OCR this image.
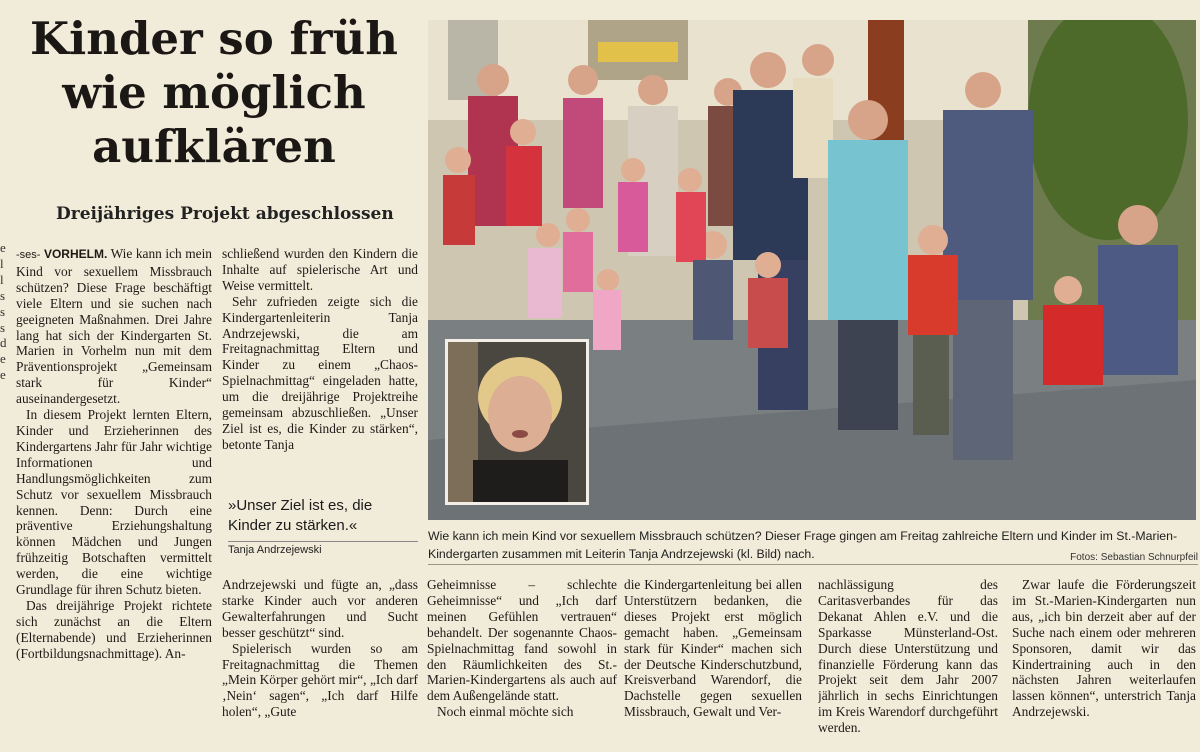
Kinder so früh wie möglich aufklären
Dreijähriges Projekt abgeschlossen
e
l
l
s
s
s
d
e
e

-ses- VORHELM. Wie kann ich mein Kind vor sexuellem Missbrauch schützen? Diese Frage beschäftigt viele Eltern und sie suchen nach geeigneten Maßnahmen. Drei Jahre lang hat sich der Kindergarten St. Marien in Vorhelm nun mit dem Präventionsprojekt „Gemeinsam stark für Kinder“ auseinandergesetzt.

In diesem Projekt lernten Eltern, Kinder und Erzieherinnen des Kindergartens Jahr für Jahr wichtige Informationen und Handlungsmöglichkeiten zum Schutz vor sexuellem Missbrauch kennen. Denn: Durch eine präventive Erziehungshaltung können Mädchen und Jungen frühzeitig Botschaften vermittelt werden, die eine wichtige Grundlage für ihren Schutz bieten.

Das dreijährige Projekt richtete sich zunächst an die Eltern (Elternabende) und Erzieherinnen (Fortbildungsnachmittage). An-

schließend wurden den Kindern die Inhalte auf spielerische Art und Weise vermittelt.

Sehr zufrieden zeigte sich die Kindergartenleiterin Tanja Andrzejewski, die am Freitagnachmittag Eltern und Kinder zu einem „Chaos-Spielnachmittag“ eingeladen hatte, um die dreijährige Projektreihe gemeinsam abzuschließen. „Unser Ziel ist es, die Kinder zu stärken“, betonte Tanja

»Unser Ziel ist es, die Kinder zu stärken.«
Tanja Andrzejewski

Andrzejewski und fügte an, „dass starke Kinder auch vor anderen Gewalterfahrungen und Sucht besser geschützt“ sind.

Spielerisch wurden so am Freitagnachmittag die Themen „Mein Körper gehört mir“, „Ich darf ‚Nein‘ sagen“, „Ich darf Hilfe holen“, „Gute

Wie kann ich mein Kind vor sexuellem Missbrauch schützen? Dieser Frage gingen am Freitag zahlreiche Eltern und Kinder im St.-Marien-Kindergarten zusammen mit Leiterin Tanja Andrzejewski (kl. Bild) nach.	Fotos: Sebastian Schnurpfeil

Geheimnisse – schlechte Geheimnisse“ und „Ich darf meinen Gefühlen vertrauen“ behandelt. Der sogenannte Chaos-Spielnachmittag fand sowohl in den Räumlichkeiten des St.-Marien-Kindergartens als auch auf dem Außengelände statt.

Noch einmal möchte sich

die Kindergartenleitung bei allen Unterstützern bedanken, die dieses Projekt erst möglich gemacht haben. „Gemeinsam stark für Kinder“ machen sich der Deutsche Kinderschutzbund, Kreisverband Warendorf, die Dachstelle gegen sexuellen Missbrauch, Gewalt und Ver-

nachlässigung des Caritasverbandes für das Dekanat Ahlen e.V. und die Sparkasse Münsterland-Ost. Durch diese Unterstützung und finanzielle Förderung kann das Projekt seit dem Jahr 2007 jährlich in sechs Einrichtungen im Kreis Warendorf durchgeführt werden.

Zwar laufe die Förderungszeit im St.-Marien-Kindergarten nun aus, „ich bin derzeit aber auf der Suche nach einem oder mehreren Sponsoren, damit wir das Kindertraining auch in den nächsten Jahren weiterlaufen lassen können“, unterstrich Tanja Andrzejewski.
